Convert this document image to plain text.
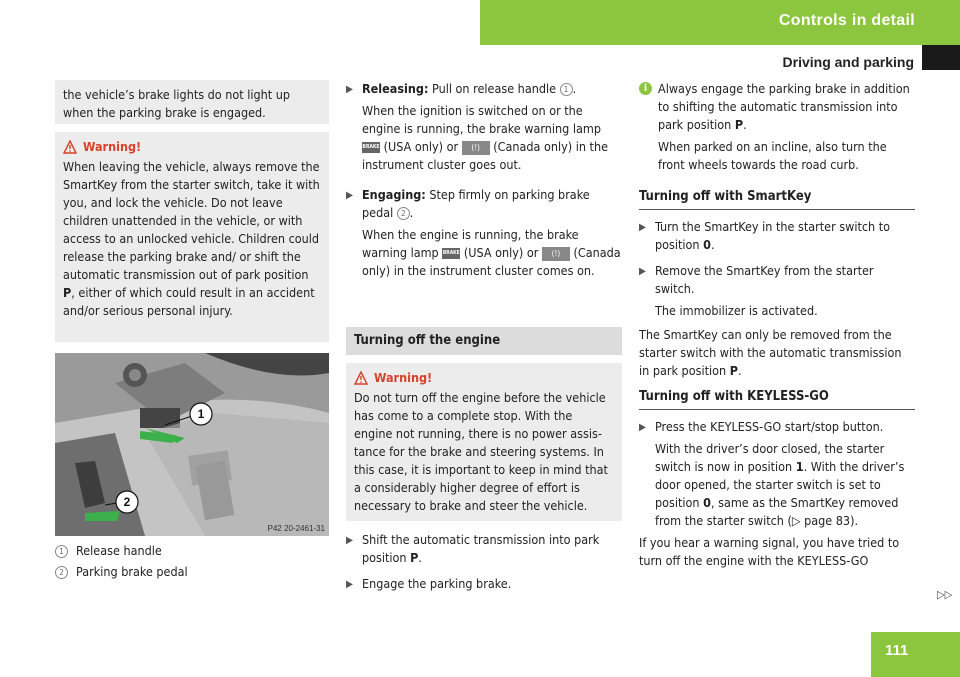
Controls in detail
Driving and parking
the vehicle’s brake lights do not light up when the parking brake is engaged.
Warning!
When leaving the vehicle, always remove the SmartKey from the starter switch, take it with you, and lock the vehicle. Do not leave children unattended in the vehicle, or with access to an unlocked vehicle. Children could release the parking brake and/ or shift the automatic transmission out of park position P, either of which could result in an accident and/or serious personal injury.
1
2
P42 20-2461-31
1 Release handle
2 Parking brake pedal
▶ Releasing: Pull on release handle 1 .

When the ignition is switched on or the engine is running, the brake warning lamp BRAKE (USA only) or (!) (Canada only) in the instrument cluster goes out.

▶ Engaging: Step firmly on parking brake pedal 2 .

When the engine is running, the brake warning lamp BRAKE (USA only) or (!) (Canada only) in the instrument cluster comes on.

Turning off the engine
Warning!
Do not turn off the engine before the vehicle has come to a complete stop. With the engine not running, there is no power assistance for the brake and steering systems. In this case, it is important to keep in mind that a considerably higher degree of effort is necessary to brake and steer the vehicle.
▶ Shift the automatic transmission into park position P.
▶ Engage the parking brake.
i Always engage the parking brake in addition to shifting the automatic transmission into park position P.

When parked on an incline, also turn the front wheels towards the road curb.

Turning off with SmartKey
▶ Turn the SmartKey in the starter switch to position 0.
▶ Remove the SmartKey from the starter switch.

The immobilizer is activated.

The SmartKey can only be removed from the starter switch with the automatic transmission in park position P.

Turning off with KEYLESS-GO
▶ Press the KEYLESS-GO start/stop button.

With the driver’s door closed, the starter switch is now in position 1. With the driver’s door opened, the starter switch is set to position 0, same as the SmartKey removed from the starter switch (▷ page 83).

If you hear a warning signal, you have tried to turn off the engine with the KEYLESS-GO

▷▷
111
